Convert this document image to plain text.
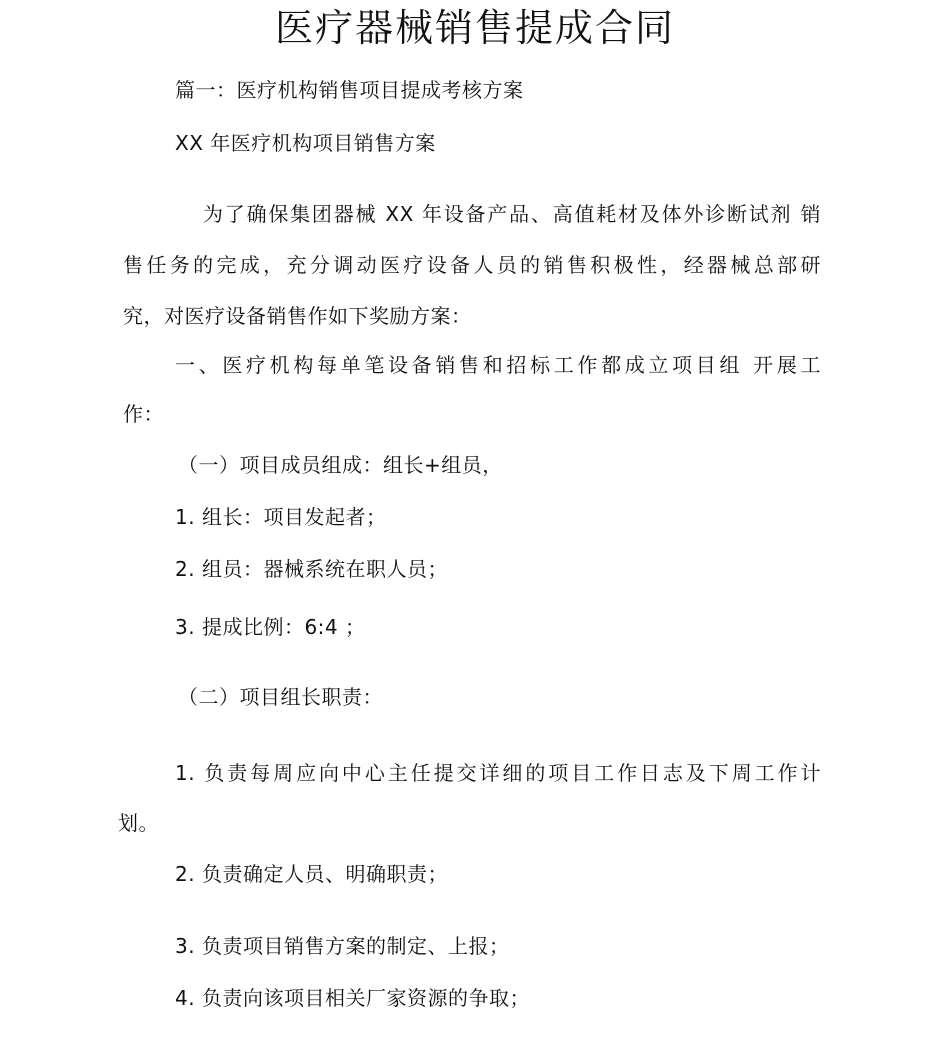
医疗器械销售提成合同
篇一：医疗机构销售项目提成考核方案
XX 年医疗机构项目销售方案
为了确保集团器械 XX 年设备产品、高值耗材及体外诊断试剂 销
售任务的完成，充分调动医疗设备人员的销售积极性，经器械总部研
究，对医疗设备销售作如下奖励方案：
一、医疗机构每单笔设备销售和招标工作都成立项目组 开展工
作：
（一）项目成员组成：组长+组员，
1. 组长：项目发起者；
2. 组员：器械系统在职人员；
3. 提成比例：6:4 ；
（二）项目组长职责：
1. 负责每周应向中心主任提交详细的项目工作日志及下周工作计
划。
2. 负责确定人员、明确职责；
3. 负责项目销售方案的制定、上报；
4. 负责向该项目相关厂家资源的争取；
